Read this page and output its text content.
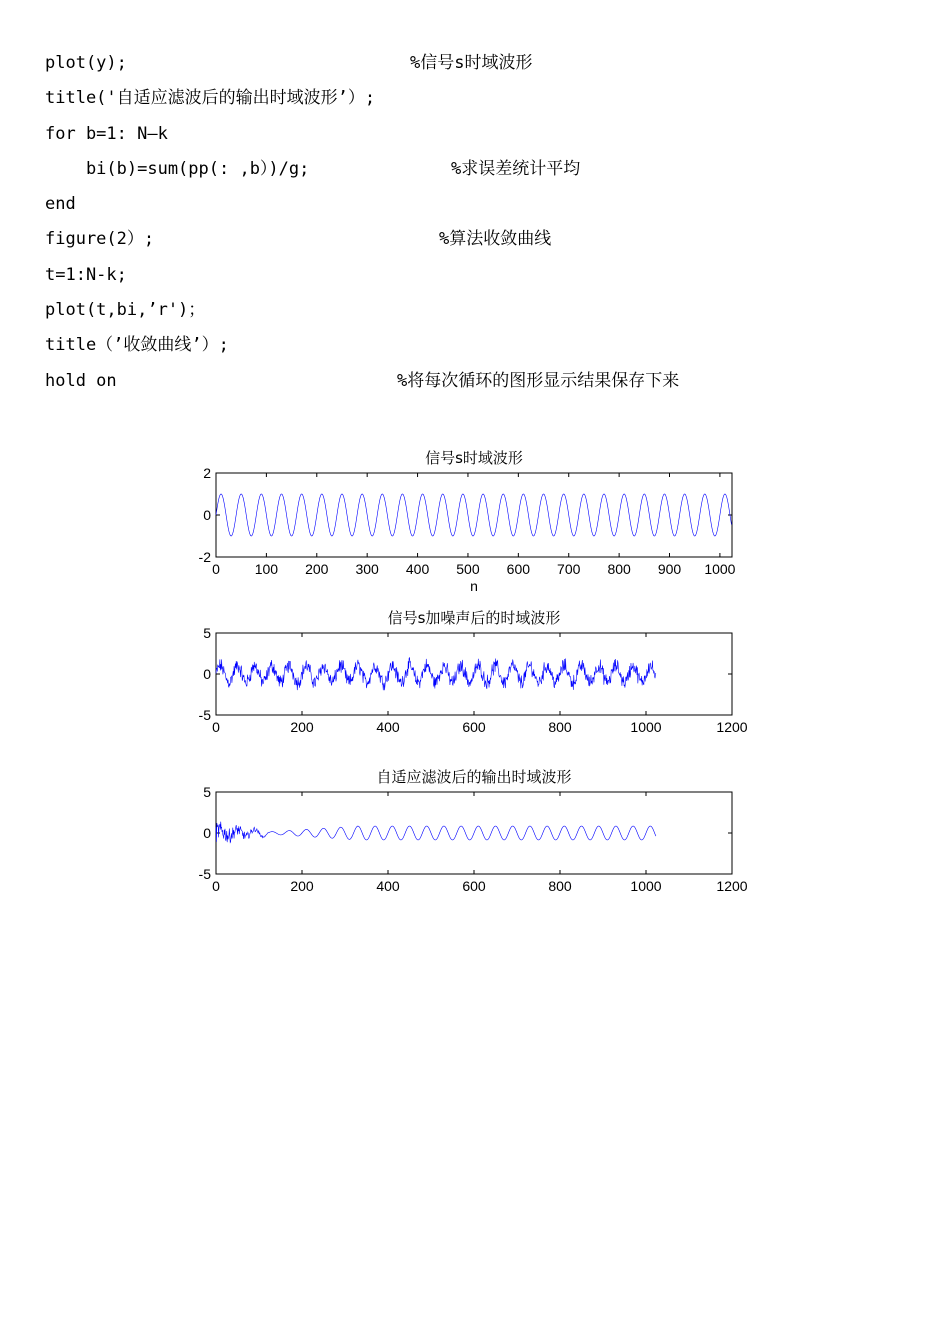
plot(y);

	%信号s时域波形

title('自适应滤波后的输出时域波形’）;

for b=1: N—k

bi(b)=sum(pp(: ,b）)/g;

	%求误差统计平均

end

figure(2）;

	%算法收敛曲线

t=1:N-k;

plot(t,bi,’r')；

title（’收敛曲线’）;

hold on

	%将每次循环的图形显示结果保存下来

信号s时域波形
0 100 200 300 400 500 600 700 800 900 1000
2
0
-2
n
信号s加噪声后的时域波形
0	200	400	600	800	1000	1200
5
0
-5
自适应滤波后的输出时域波形
0	200	400	600	800	1000	1200
5
0
-5
